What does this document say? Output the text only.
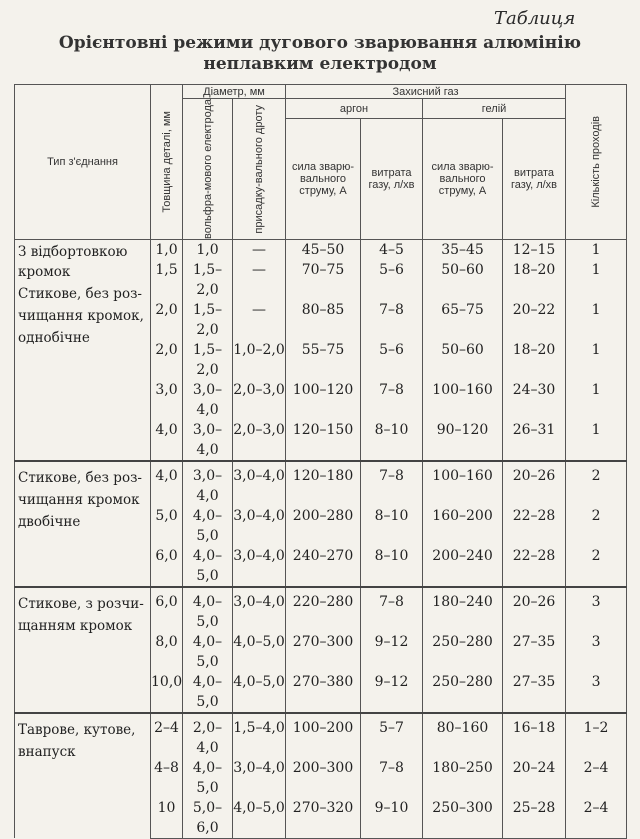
Таблиця
Орієнтовні режими дугового зварювання алюмінію
неплавким електродом
Тип з'єднання	Товщина деталі, мм	Діаметр, мм		Захисний газ				Кількість проходів

		вольфра-мового електрода	присадку-вального дроту	аргон		гелій		
				сила зварю-вального струму, А	витрата газу, л/хв	сила зварю-вального струму, А	витрата газу, л/хв	

З відбортовкою кромок
Стикове, без роз-
чищання кромок,
однобічне	1,0	1,0	—	45–50	4–5	35–45	12–15	1
	1,5	1,5–2,0	—	70–75	5–6	50–60	18–20	1
	2,0	1,5–2,0	—	80–85	7–8	65–75	20–22	1
	2,0	1,5–2,0	1,0–2,0	55–75	5–6	50–60	18–20	1
	3,0	3,0–4,0	2,0–3,0	100–120	7–8	100–160	24–30	1
	4,0	3,0–4,0	2,0–3,0	120–150	8–10	90–120	26–31	1

Стикове, без роз-
чищання кромок
двобічне	4,0	3,0–4,0	3,0–4,0	120–180	7–8	100–160	20–26	2
	5,0	4,0–5,0	3,0–4,0	200–280	8–10	160–200	22–28	2
	6,0	4,0–5,0	3,0–4,0	240–270	8–10	200–240	22–28	2

Стикове, з розчи-
щанням кромок	6,0	4,0–5,0	3,0–4,0	220–280	7–8	180–240	20–26	3
	8,0	4,0–5,0	4,0–5,0	270–300	9–12	250–280	27–35	3
	10,0	4,0–5,0	4,0–5,0	270–380	9–12	250–280	27–35	3

Таврове, кутове,
внапуск	2–4	2,0–4,0	1,5–4,0	100–200	5–7	80–160	16–18	1–2
	4–8	4,0–5,0	3,0–4,0	200–300	7–8	180–250	20–24	2–4
	10	5,0–6,0	4,0–5,0	270–320	9–10	250–300	25–28	2–4
